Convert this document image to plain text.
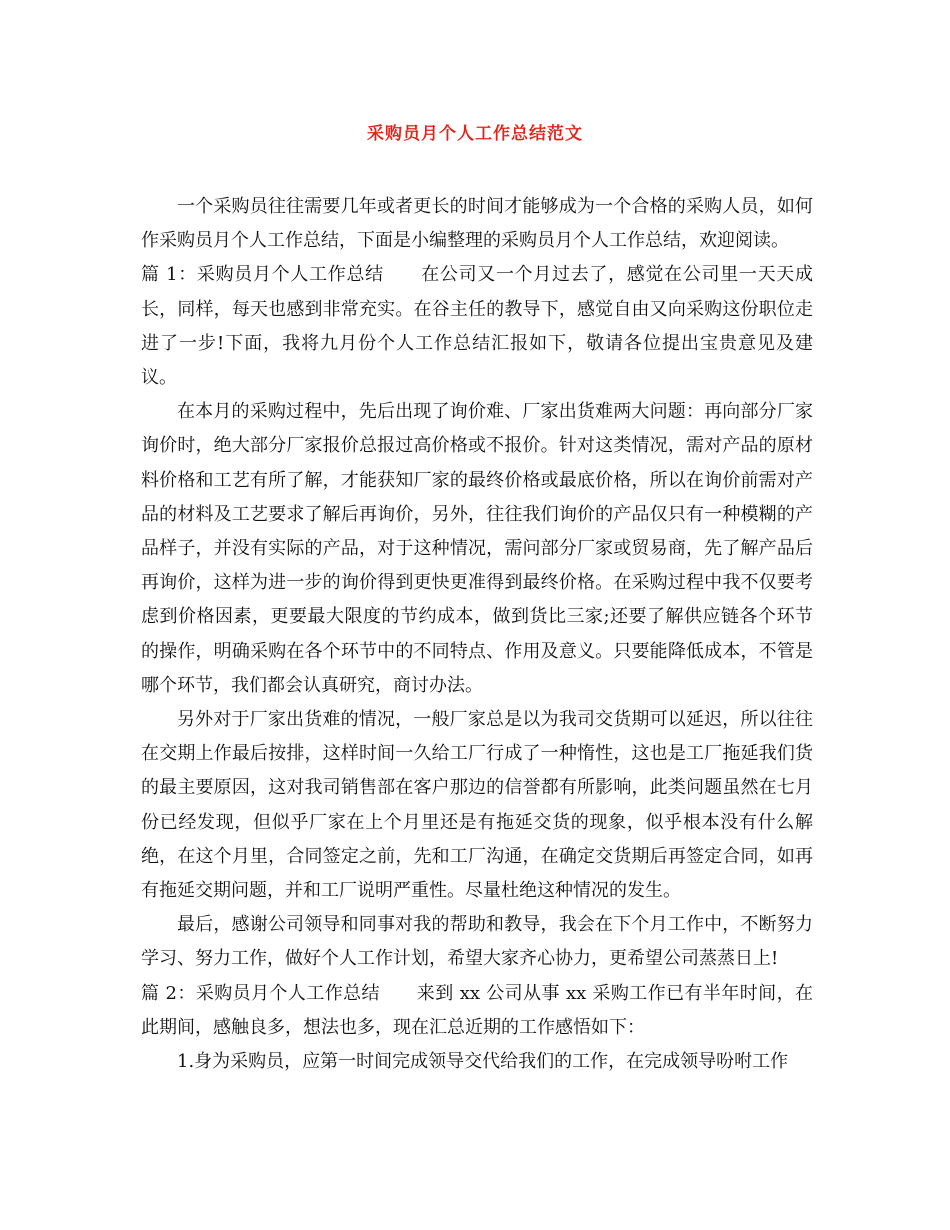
采购员月个人工作总结范文

一个采购员往往需要几年或者更长的时间才能够成为一个合格的采购人员，如何作采购员月个人工作总结，下面是小编整理的采购员月个人工作总结，欢迎阅读。

篇 1：采购员月个人工作总结　　在公司又一个月过去了，感觉在公司里一天天成长，同样，每天也感到非常充实。在谷主任的教导下，感觉自由又向采购这份职位走进了一步!下面，我将九月份个人工作总结汇报如下，敬请各位提出宝贵意见及建议。

在本月的采购过程中，先后出现了询价难、厂家出货难两大问题：再向部分厂家询价时，绝大部分厂家报价总报过高价格或不报价。针对这类情况，需对产品的原材料价格和工艺有所了解，才能获知厂家的最终价格或最底价格，所以在询价前需对产品的材料及工艺要求了解后再询价，另外，往往我们询价的产品仅只有一种模糊的产品样子，并没有实际的产品，对于这种情况，需问部分厂家或贸易商，先了解产品后再询价，这样为进一步的询价得到更快更准得到最终价格。在采购过程中我不仅要考虑到价格因素，更要最大限度的节约成本，做到货比三家;还要了解供应链各个环节的操作，明确采购在各个环节中的不同特点、作用及意义。只要能降低成本，不管是哪个环节，我们都会认真研究，商讨办法。

另外对于厂家出货难的情况，一般厂家总是以为我司交货期可以延迟，所以往往在交期上作最后按排，这样时间一久给工厂行成了一种惰性，这也是工厂拖延我们货的最主要原因，这对我司销售部在客户那边的信誉都有所影响，此类问题虽然在七月份已经发现，但似乎厂家在上个月里还是有拖延交货的现象，似乎根本没有什么解绝，在这个月里，合同签定之前，先和工厂沟通，在确定交货期后再签定合同，如再有拖延交期问题，并和工厂说明严重性。尽量杜绝这种情况的发生。

最后，感谢公司领导和同事对我的帮助和教导，我会在下个月工作中，不断努力学习、努力工作，做好个人工作计划，希望大家齐心协力，更希望公司蒸蒸日上!

篇 2：采购员月个人工作总结　　来到 xx 公司从事 xx 采购工作已有半年时间，在此期间，感触良多，想法也多，现在汇总近期的工作感悟如下：

1.身为采购员，应第一时间完成领导交代给我们的工作，在完成领导吩咐工作
